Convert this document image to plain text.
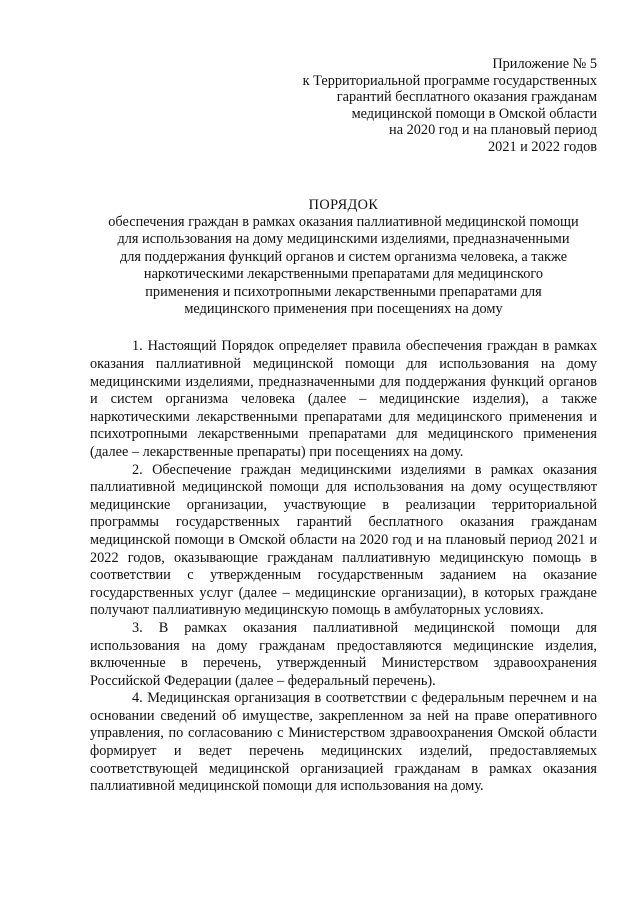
Приложение № 5
к Территориальной программе государственных
гарантий бесплатного оказания гражданам
медицинской помощи в Омской области
на 2020 год и на плановый период
2021 и 2022 годов
ПОРЯДОК
обеспечения граждан в рамках оказания паллиативной медицинской помощи
для использования на дому медицинскими изделиями, предназначенными
для поддержания функций органов и систем организма человека, а также
наркотическими лекарственными препаратами для медицинского
применения и психотропными лекарственными препаратами для
медицинского применения при посещениях на дому

1. Настоящий Порядок определяет правила обеспечения граждан в рамках оказания паллиативной медицинской помощи для использования на дому медицинскими изделиями, предназначенными для поддержания функций органов и систем организма человека (далее – медицинские изделия), а также наркотическими лекарственными препаратами для медицинского применения и психотропными лекарственными препаратами для медицинского применения (далее – лекарственные препараты) при посещениях на дому.

2. Обеспечение граждан медицинскими изделиями в рамках оказания паллиативной медицинской помощи для использования на дому осуществляют медицинские организации, участвующие в реализации территориальной программы государственных гарантий бесплатного оказания гражданам медицинской помощи в Омской области на 2020 год и на плановый период 2021 и 2022 годов, оказывающие гражданам паллиативную медицинскую помощь в соответствии с утвержденным государственным заданием на оказание государственных услуг (далее – медицинские организации), в которых граждане получают паллиативную медицинскую помощь в амбулаторных условиях.

3. В рамках оказания паллиативной медицинской помощи для использования на дому гражданам предоставляются медицинские изделия, включенные в перечень, утвержденный Министерством здравоохранения Российской Федерации (далее – федеральный перечень).

4. Медицинская организация в соответствии с федеральным перечнем и на основании сведений об имуществе, закрепленном за ней на праве оперативного управления, по согласованию с Министерством здравоохранения Омской области формирует и ведет перечень медицинских изделий, предоставляемых соответствующей медицинской организацией гражданам в рамках оказания паллиативной медицинской помощи для использования на дому.
